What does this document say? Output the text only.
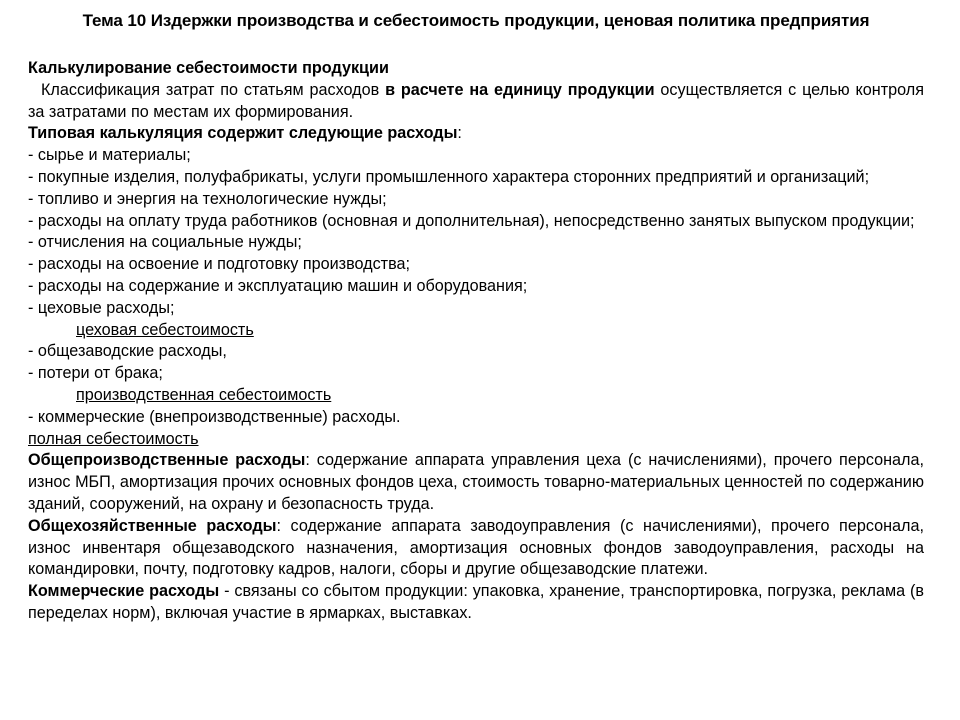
Тема 10 Издержки производства и себестоимость продукции, ценовая политика предприятия

Калькулирование себестоимости продукции

Классификация затрат по статьям расходов в расчете на единицу продукции осуществляется с целью контроля за затратами по местам их формирования.

Типовая калькуляция содержит следующие расходы:

- сырье и материалы;

- покупные изделия, полуфабрикаты, услуги промышленного характера сторонних предприятий и организаций;

- топливо и энергия на технологические нужды;

- расходы на оплату труда работников (основная и дополнительная), непосредственно занятых выпуском продукции;

- отчисления на социальные нужды;

- расходы на освоение и подготовку производства;

- расходы на содержание и эксплуатацию машин и оборудования;

- цеховые расходы;

цеховая себестоимость

- общезаводские расходы,

- потери от брака;

производственная себестоимость

- коммерческие (внепроизводственные) расходы.

полная себестоимость

Общепроизводственные расходы: содержание аппарата управления цеха (с начислениями), прочего персонала, износ МБП, амортизация прочих основных фондов цеха, стоимость товарно-материальных ценностей по содержанию зданий, сооружений, на охрану и безопасность труда.

Общехозяйственные расходы: содержание аппарата заводоуправления (с начислениями), прочего персонала, износ инвентаря общезаводского назначения, амортизация основных фондов заводоуправления, расходы на командировки, почту, подготовку кадров, налоги, сборы и другие общезаводские платежи.

Коммерческие расходы - связаны со сбытом продукции: упаковка, хранение, транспортировка, погрузка, реклама (в переделах норм), включая участие в ярмарках, выставках.
